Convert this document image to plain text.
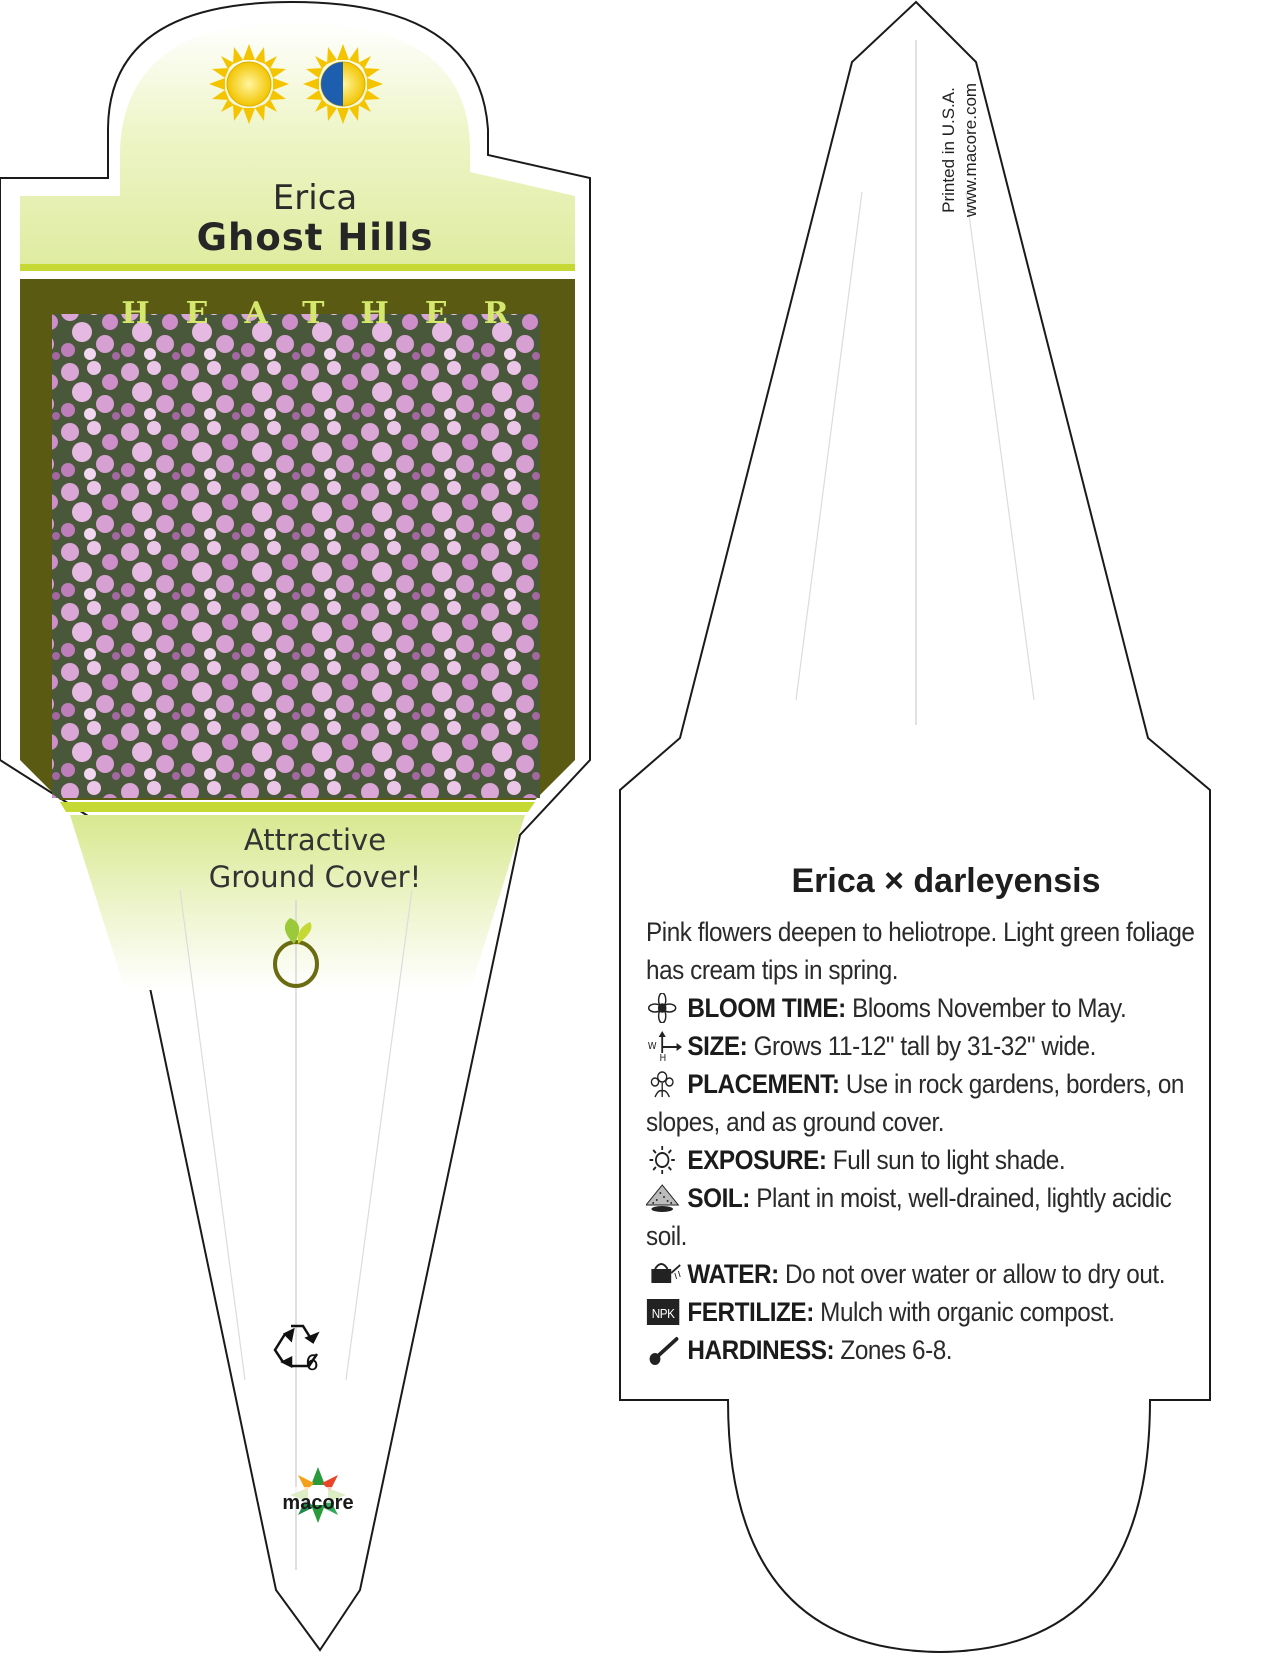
Erica
Ghost Hills
HEATHER
Attractive
Ground Cover!
6
macore
Printed in U.S.A. www.macore.com
Erica × darleyensis
Pink flowers deepen to heliotrope. Light green foliage has cream tips in spring.
BLOOM TIME: Blooms November to May.
W
H SIZE: Grows 11-12" tall by 31-32" wide.
PLACEMENT: Use in rock gardens, borders, on slopes, and as ground cover.
EXPOSURE: Full sun to light shade.
SOIL: Plant in moist, well-drained, lightly acidic soil.
WATER: Do not over water or allow to dry out.
NPK FERTILIZE: Mulch with organic compost.
HARDINESS: Zones 6-8.
